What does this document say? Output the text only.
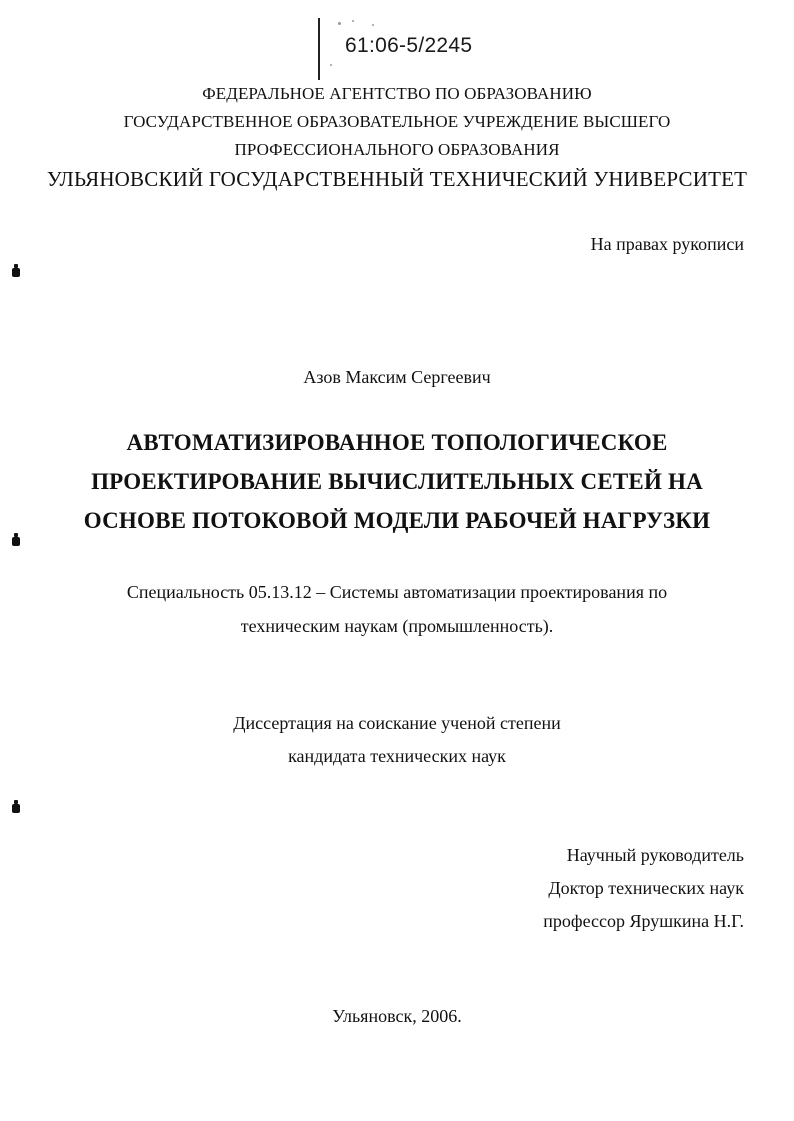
61:06-5/2245
ФЕДЕРАЛЬНОЕ АГЕНТСТВО ПО ОБРАЗОВАНИЮ
ГОСУДАРСТВЕННОЕ ОБРАЗОВАТЕЛЬНОЕ УЧРЕЖДЕНИЕ ВЫСШЕГО
ПРОФЕССИОНАЛЬНОГО ОБРАЗОВАНИЯ
УЛЬЯНОВСКИЙ ГОСУДАРСТВЕННЫЙ ТЕХНИЧЕСКИЙ УНИВЕРСИТЕТ
На правах рукописи
Азов Максим Сергеевич
АВТОМАТИЗИРОВАННОЕ ТОПОЛОГИЧЕСКОЕ
ПРОЕКТИРОВАНИЕ ВЫЧИСЛИТЕЛЬНЫХ СЕТЕЙ НА
ОСНОВЕ ПОТОКОВОЙ МОДЕЛИ РАБОЧЕЙ НАГРУЗКИ
Специальность 05.13.12 – Системы автоматизации проектирования по
техническим наукам (промышленность).
Диссертация на соискание ученой степени
кандидата технических наук
Научный руководитель
Доктор технических наук
профессор Ярушкина Н.Г.
Ульяновск, 2006.
